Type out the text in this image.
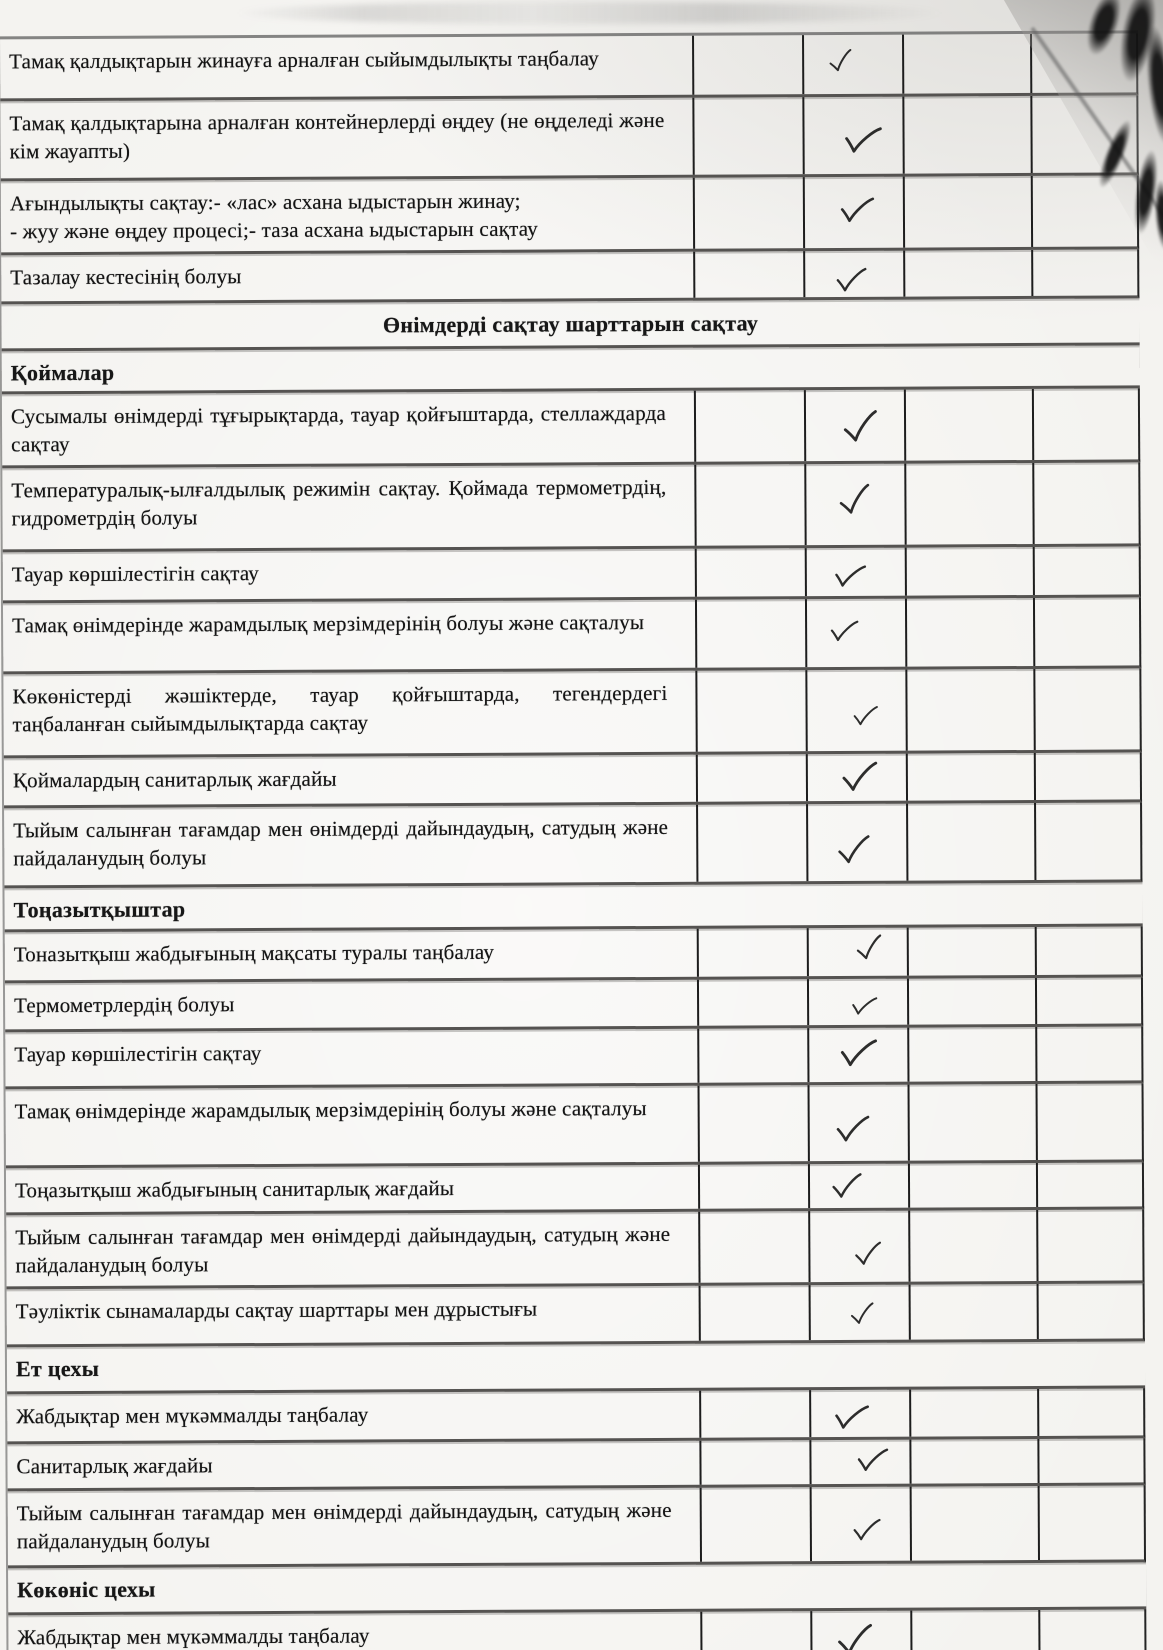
Тамақ қалдықтарын жинауға арналған сыйымдылықты таңбалау
Тамақ қалдықтарына арналған контейнерлерді өңдеу (не өңделеді және кім жауапты)
Ағындылықты сақтау:- «лас» асхана ыдыстарын жинау;
- жуу және өңдеу процесі;- таза асхана ыдыстарын сақтау
Тазалау кестесінің болуы
Өнімдерді сақтау шарттарын сақтау
Қоймалар
Сусымалы өнімдерді тұғырықтарда, тауар қойғыштарда, стеллаждарда сақтау
Температуралық-ылғалдылық режимін сақтау. Қоймада термометрдің, гидрометрдің болуы
Тауар көршілестігін сақтау
Тамақ өнімдерінде жарамдылық мерзімдерінің болуы және сақталуы
Көкөністерді жәшіктерде, тауар қойғыштарда, тегендердегі таңбаланған сыйымдылықтарда сақтау
Қоймалардың санитарлық жағдайы
Тыйым салынған тағамдар мен өнімдерді дайындаудың, сатудың және пайдаланудың болуы
Тоңазытқыштар
Тоназытқыш жабдығының мақсаты туралы таңбалау
Термометрлердің болуы
Тауар көршілестігін сақтау
Тамақ өнімдерінде жарамдылық мерзімдерінің болуы және сақталуы
Тоңазытқыш жабдығының санитарлық жағдайы
Тыйым салынған тағамдар мен өнімдерді дайындаудың, сатудың және пайдаланудың болуы
Тәуліктік сынамаларды сақтау шарттары мен дұрыстығы
Ет цехы
Жабдықтар мен мүкәммалды таңбалау
Санитарлық жағдайы
Тыйым салынған тағамдар мен өнімдерді дайындаудың, сатудың және пайдаланудың болуы
Көкөніс цехы
Жабдықтар мен мүкәммалды таңбалау
